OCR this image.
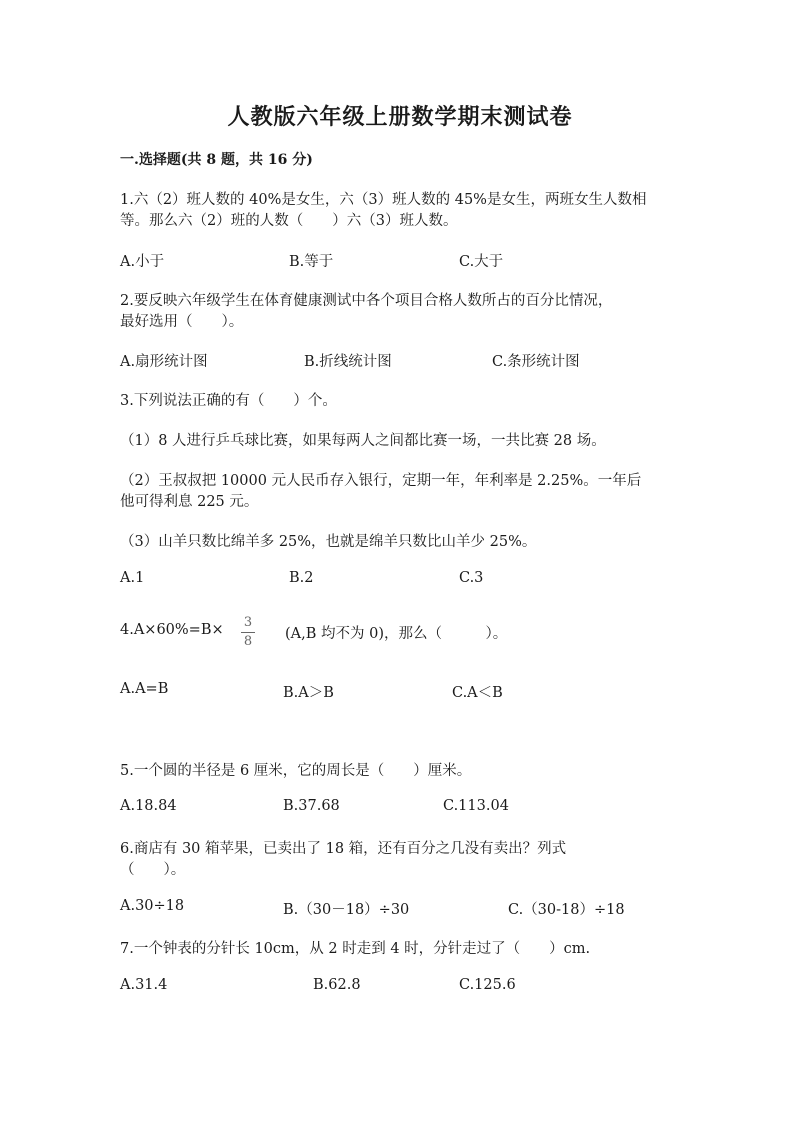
人教版六年级上册数学期末测试卷
一.选择题(共 8 题，共 16 分)
1.六（2）班人数的 40%是女生，六（3）班人数的 45%是女生，两班女生人数相
等。那么六（2）班的人数（　　）六（3）班人数。
A.小于	B.等于	C.大于
2.要反映六年级学生在体育健康测试中各个项目合格人数所占的百分比情况，
最好选用（　　）。
A.扇形统计图	B.折线统计图	C.条形统计图
3.下列说法正确的有（　　）个。
（1）8 人进行乒乓球比赛，如果每两人之间都比赛一场，一共比赛 28 场。
（2）王叔叔把 10000 元人民币存入银行，定期一年，年利率是 2.25%。一年后
他可得利息 225 元。
（3）山羊只数比绵羊多 25%，也就是绵羊只数比山羊少 25%。
A.1	B.2	C.3
4.A×60%=B× 3
8 (A,B 均不为 0)，那么（　　　）。
A.A=B	B.A＞B	C.A＜B
5.一个圆的半径是 6 厘米，它的周长是（　　）厘米。
A.18.84	B.37.68	C.113.04
6.商店有 30 箱苹果，已卖出了 18 箱，还有百分之几没有卖出？列式
（　　）。
A.30÷18	B.（30－18）÷30	C.（30-18）÷18
7.一个钟表的分针长 10cm，从 2 时走到 4 时，分针走过了（　　）cm.
A.31.4	B.62.8	C.125.6
